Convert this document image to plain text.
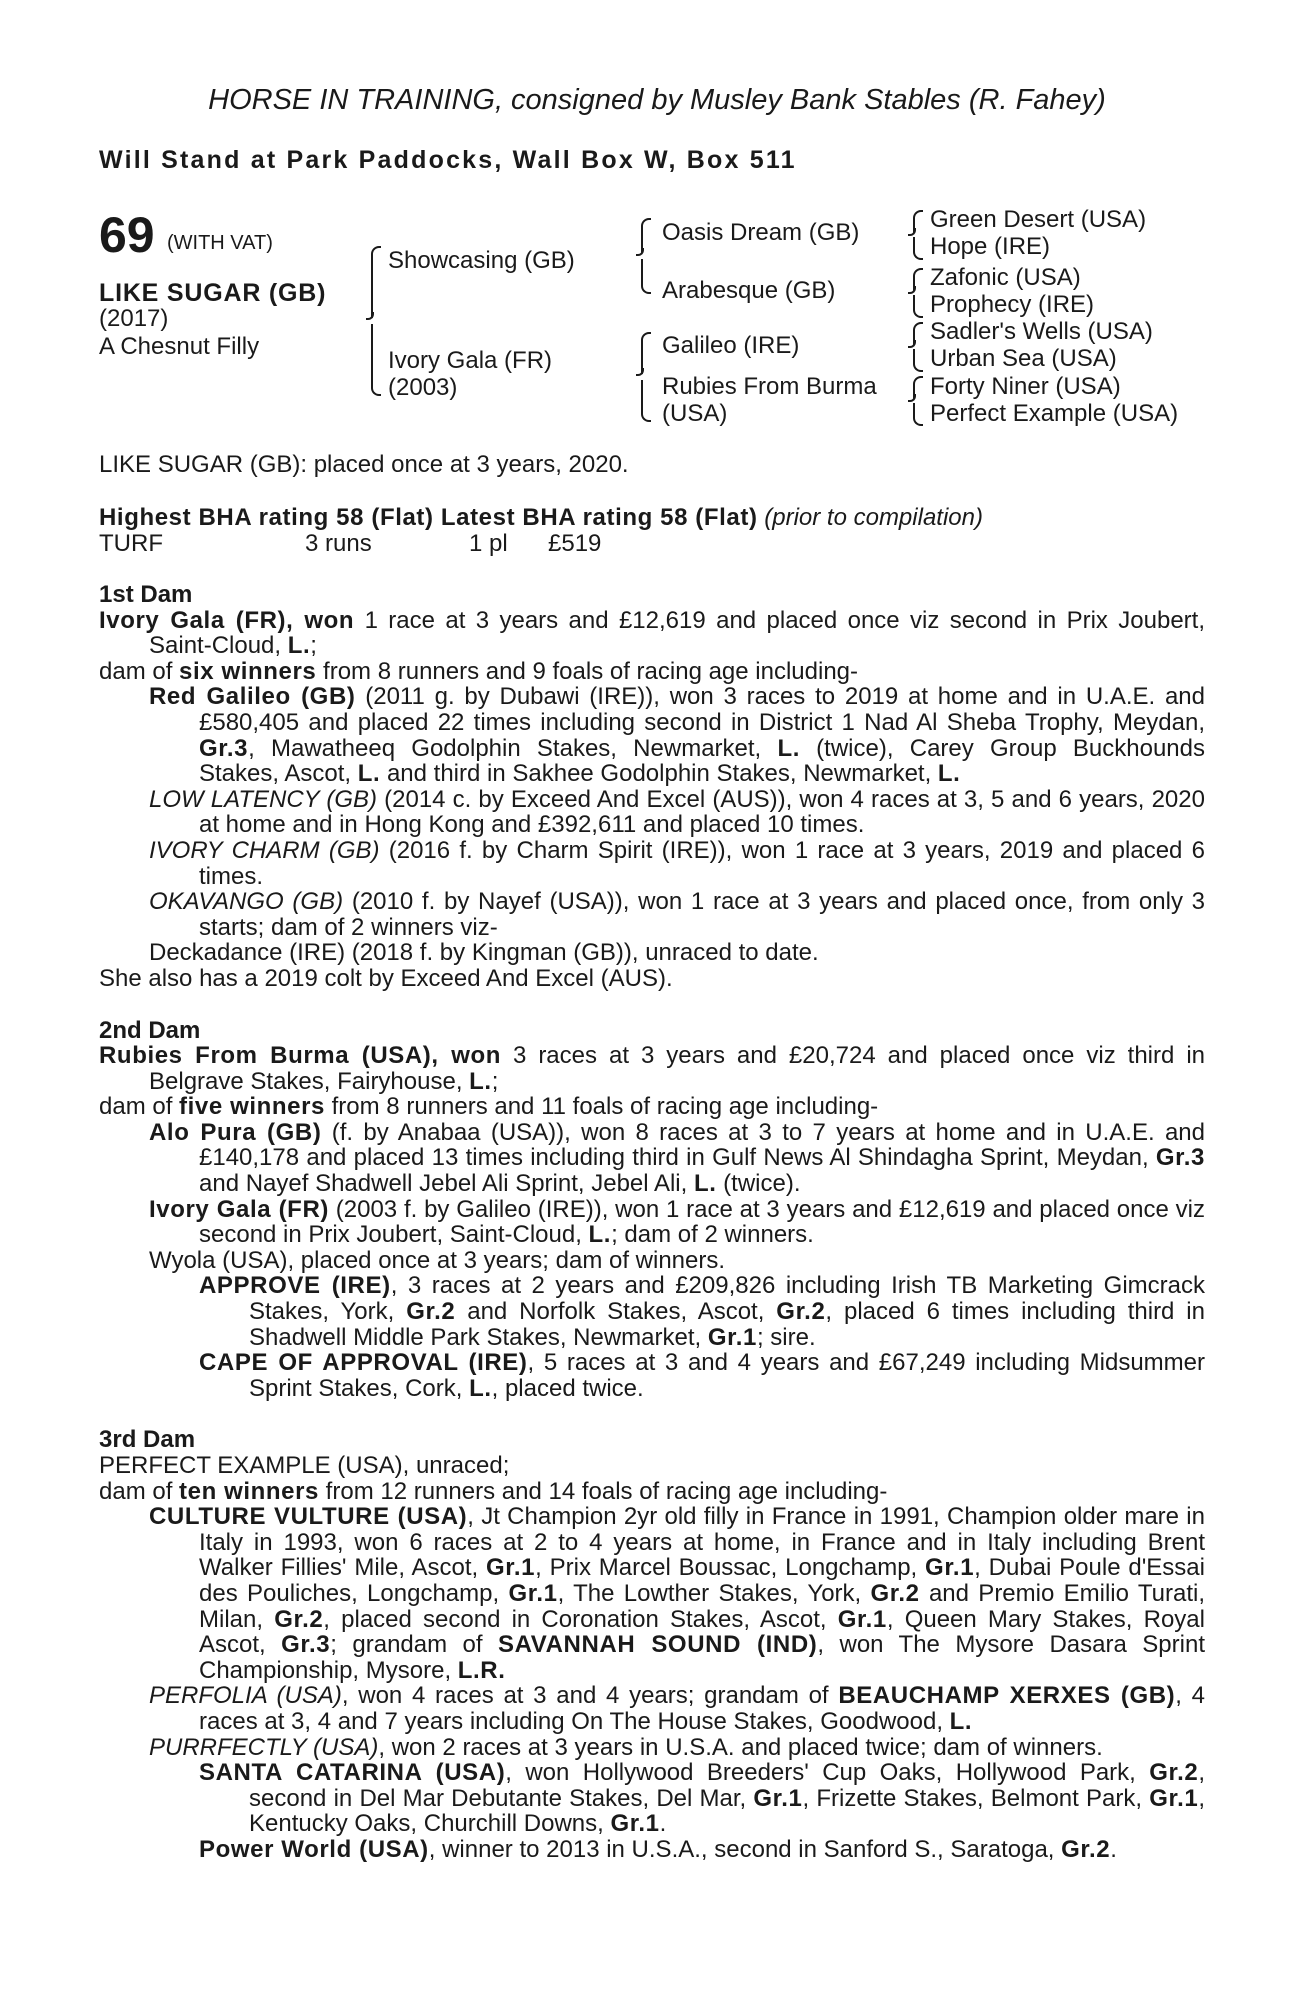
HORSE IN TRAINING, consigned by Musley Bank Stables (R. Fahey)
Will Stand at Park Paddocks, Wall Box W, Box 511
69 (WITH VAT)
LIKE SUGAR (GB)
(2017)
A Chesnut Filly
Showcasing (GB)
Ivory Gala (FR)
(2003)
Oasis Dream (GB)
Arabesque (GB)
Galileo (IRE)
Rubies From Burma
(USA)
Green Desert (USA)
Hope (IRE)
Zafonic (USA)
Prophecy (IRE)
Sadler's Wells (USA)
Urban Sea (USA)
Forty Niner (USA)
Perfect Example (USA)
LIKE SUGAR (GB): placed once at 3 years, 2020.
Highest BHA rating 58 (Flat) Latest BHA rating 58 (Flat) (prior to compilation)
TURF	3 runs	1 pl £519

1st Dam

Ivory Gala (FR), won 1 race at 3 years and £12,619 and placed once viz second in Prix Joubert, Saint-Cloud, L.;

dam of six winners from 8 runners and 9 foals of racing age including-

Red Galileo (GB) (2011 g. by Dubawi (IRE)), won 3 races to 2019 at home and in U.A.E. and £580,405 and placed 22 times including second in District 1 Nad Al Sheba Trophy, Meydan, Gr.3, Mawatheeq Godolphin Stakes, Newmarket, L. (twice), Carey Group Buckhounds Stakes, Ascot, L. and third in Sakhee Godolphin Stakes, Newmarket, L.

LOW LATENCY (GB) (2014 c. by Exceed And Excel (AUS)), won 4 races at 3, 5 and 6 years, 2020 at home and in Hong Kong and £392,611 and placed 10 times.

IVORY CHARM (GB) (2016 f. by Charm Spirit (IRE)), won 1 race at 3 years, 2019 and placed 6 times.

OKAVANGO (GB) (2010 f. by Nayef (USA)), won 1 race at 3 years and placed once, from only 3 starts; dam of 2 winners viz-

Deckadance (IRE) (2018 f. by Kingman (GB)), unraced to date.

She also has a 2019 colt by Exceed And Excel (AUS).

2nd Dam

Rubies From Burma (USA), won 3 races at 3 years and £20,724 and placed once viz third in Belgrave Stakes, Fairyhouse, L.;

dam of five winners from 8 runners and 11 foals of racing age including-

Alo Pura (GB) (f. by Anabaa (USA)), won 8 races at 3 to 7 years at home and in U.A.E. and £140,178 and placed 13 times including third in Gulf News Al Shindagha Sprint, Meydan, Gr.3 and Nayef Shadwell Jebel Ali Sprint, Jebel Ali, L. (twice).

Ivory Gala (FR) (2003 f. by Galileo (IRE)), won 1 race at 3 years and £12,619 and placed once viz second in Prix Joubert, Saint-Cloud, L.; dam of 2 winners.

Wyola (USA), placed once at 3 years; dam of winners.

APPROVE (IRE), 3 races at 2 years and £209,826 including Irish TB Marketing Gimcrack Stakes, York, Gr.2 and Norfolk Stakes, Ascot, Gr.2, placed 6 times including third in Shadwell Middle Park Stakes, Newmarket, Gr.1; sire.

CAPE OF APPROVAL (IRE), 5 races at 3 and 4 years and £67,249 including Midsummer Sprint Stakes, Cork, L., placed twice.

3rd Dam

PERFECT EXAMPLE (USA), unraced;

dam of ten winners from 12 runners and 14 foals of racing age including-

CULTURE VULTURE (USA), Jt Champion 2yr old filly in France in 1991, Champion older mare in Italy in 1993, won 6 races at 2 to 4 years at home, in France and in Italy including Brent Walker Fillies' Mile, Ascot, Gr.1, Prix Marcel Boussac, Longchamp, Gr.1, Dubai Poule d'Essai des Pouliches, Longchamp, Gr.1, The Lowther Stakes, York, Gr.2 and Premio Emilio Turati, Milan, Gr.2, placed second in Coronation Stakes, Ascot, Gr.1, Queen Mary Stakes, Royal Ascot, Gr.3; grandam of SAVANNAH SOUND (IND), won The Mysore Dasara Sprint Championship, Mysore, L.R.

PERFOLIA (USA), won 4 races at 3 and 4 years; grandam of BEAUCHAMP XERXES (GB), 4 races at 3, 4 and 7 years including On The House Stakes, Goodwood, L.

PURRFECTLY (USA), won 2 races at 3 years in U.S.A. and placed twice; dam of winners.

SANTA CATARINA (USA), won Hollywood Breeders' Cup Oaks, Hollywood Park, Gr.2, second in Del Mar Debutante Stakes, Del Mar, Gr.1, Frizette Stakes, Belmont Park, Gr.1, Kentucky Oaks, Churchill Downs, Gr.1.

Power World (USA), winner to 2013 in U.S.A., second in Sanford S., Saratoga, Gr.2.
